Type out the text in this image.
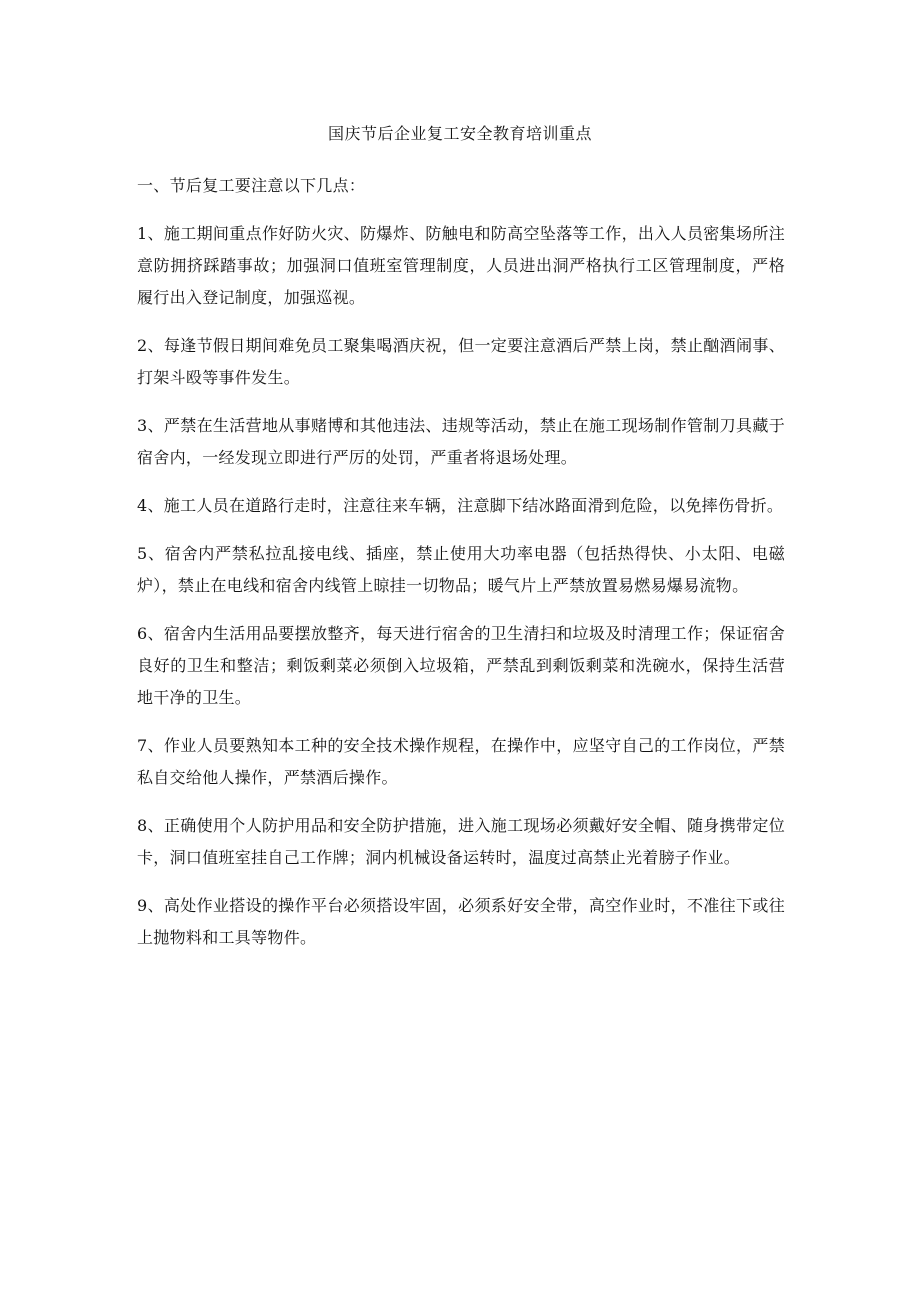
国庆节后企业复工安全教育培训重点

一、节后复工要注意以下几点：

1、施工期间重点作好防火灾、防爆炸、防触电和防高空坠落等工作，出入人员密集场所注意防拥挤踩踏事故；加强洞口值班室管理制度，人员进出洞严格执行工区管理制度，严格履行出入登记制度，加强巡视。

2、每逢节假日期间难免员工聚集喝酒庆祝，但一定要注意酒后严禁上岗，禁止酗酒闹事、打架斗殴等事件发生。

3、严禁在生活营地从事赌博和其他违法、违规等活动，禁止在施工现场制作管制刀具藏于宿舍内，一经发现立即进行严厉的处罚，严重者将退场处理。

4、施工人员在道路行走时，注意往来车辆，注意脚下结冰路面滑到危险，以免摔伤骨折。

5、宿舍内严禁私拉乱接电线、插座，禁止使用大功率电器（包括热得快、小太阳、电磁炉），禁止在电线和宿舍内线管上晾挂一切物品；暖气片上严禁放置易燃易爆易流物。

6、宿舍内生活用品要摆放整齐，每天进行宿舍的卫生清扫和垃圾及时清理工作；保证宿舍良好的卫生和整洁；剩饭剩菜必须倒入垃圾箱，严禁乱到剩饭剩菜和洗碗水，保持生活营地干净的卫生。

7、作业人员要熟知本工种的安全技术操作规程，在操作中，应坚守自己的工作岗位，严禁私自交给他人操作，严禁酒后操作。

8、正确使用个人防护用品和安全防护措施，进入施工现场必须戴好安全帽、随身携带定位卡，洞口值班室挂自己工作牌；洞内机械设备运转时，温度过高禁止光着膀子作业。

9、高处作业搭设的操作平台必须搭设牢固，必须系好安全带，高空作业时，不准往下或往上抛物料和工具等物件。
